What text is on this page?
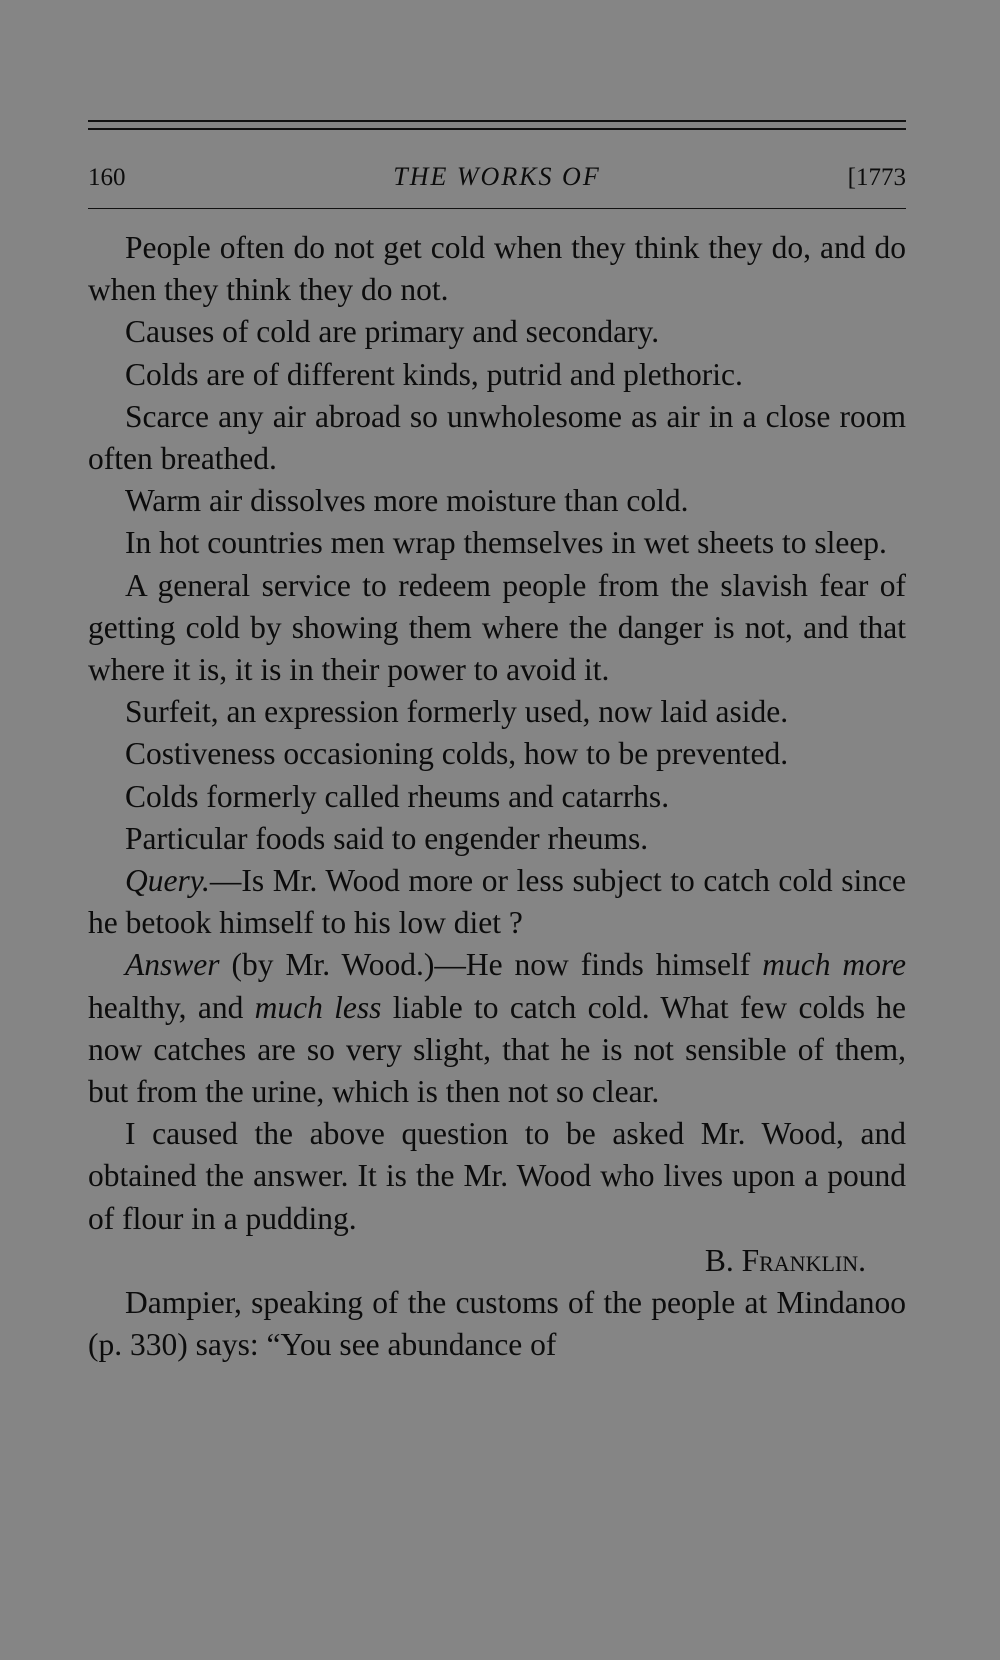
160	THE WORKS OF	[1773

People often do not get cold when they think they do, and do when they think they do not.

Causes of cold are primary and secondary.

Colds are of different kinds, putrid and plethoric.

Scarce any air abroad so unwholesome as air in a close room often breathed.

Warm air dissolves more moisture than cold.

In hot countries men wrap themselves in wet sheets to sleep.

A general service to redeem people from the slavish fear of getting cold by showing them where the danger is not, and that where it is, it is in their power to avoid it.

Surfeit, an expression formerly used, now laid aside.

Costiveness occasioning colds, how to be prevented.

Colds formerly called rheums and catarrhs.

Particular foods said to engender rheums.

Query.—Is Mr. Wood more or less subject to catch cold since he betook himself to his low diet ?

Answer (by Mr. Wood.)—He now finds himself much more healthy, and much less liable to catch cold. What few colds he now catches are so very slight, that he is not sensible of them, but from the urine, which is then not so clear.

I caused the above question to be asked Mr. Wood, and obtained the answer. It is the Mr. Wood who lives upon a pound of flour in a pudding.

B. Franklin.

Dampier, speaking of the customs of the people at Mindanoo (p. 330) says: “You see abundance of
